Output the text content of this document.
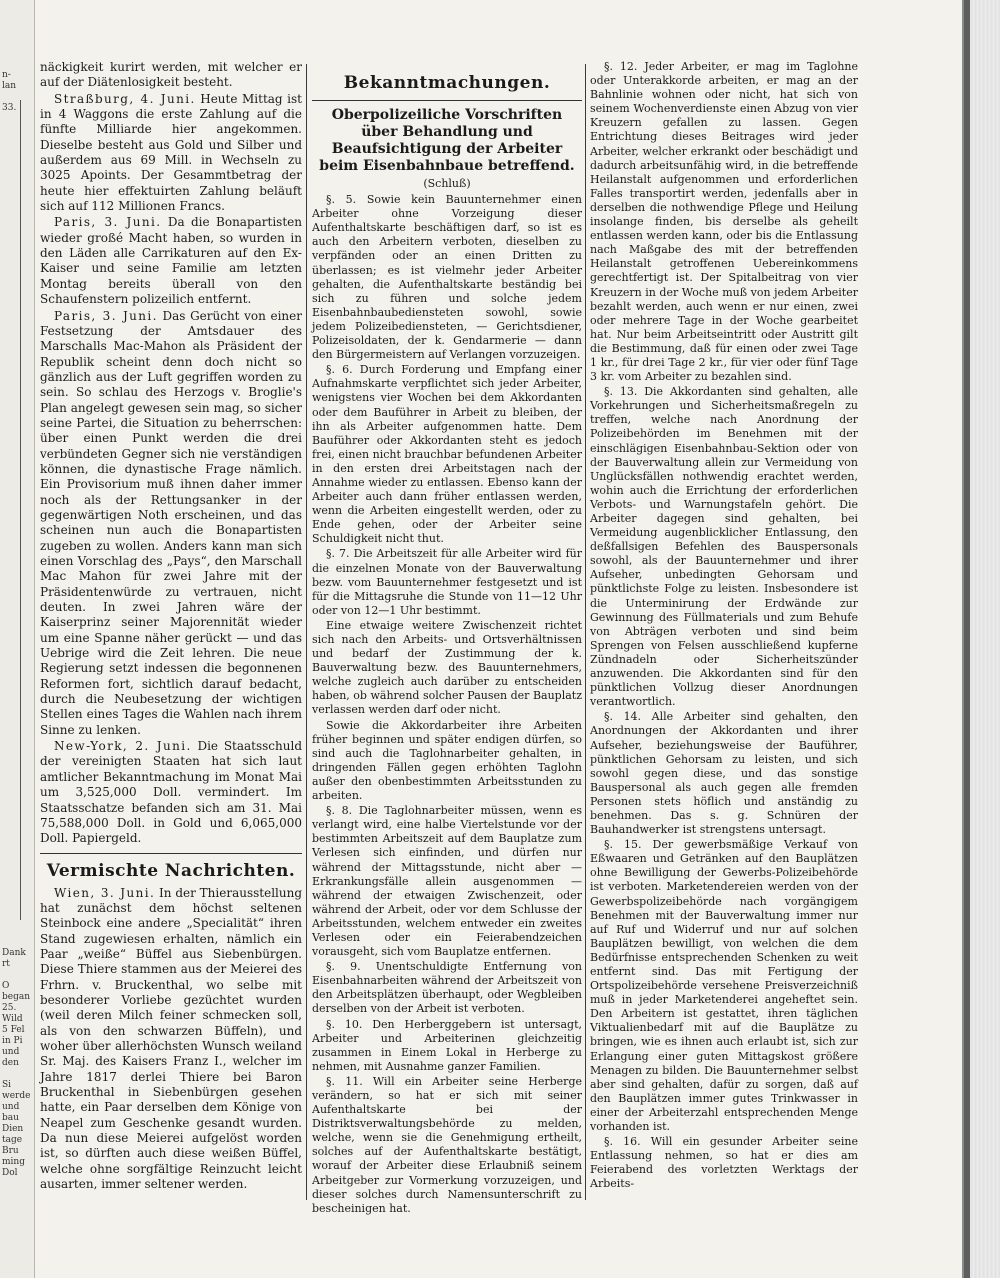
n-
lan

33.
Dank
rt

O
began
25.
Wild
5 Fel
in Pi
und
den

Si
werde
und
bau
Dien
tage
Bru
ming
Dol

näckigkeit kurirt werden, mit welcher er auf der Diätenlosigkeit besteht.

Straßburg, 4. Juni. Heute Mittag ist in 4 Waggons die erste Zahlung auf die fünfte Milliarde hier angekommen. Dieselbe besteht aus Gold und Silber und außerdem aus 69 Mill. in Wechseln zu 3025 Apoints. Der Gesammtbetrag der heute hier effektuirten Zahlung beläuft sich auf 112 Millionen Francs.

Paris, 3. Juni. Da die Bonapartisten wieder großé Macht haben, so wurden in den Läden alle Carrikaturen auf den Ex-Kaiser und seine Familie am letzten Montag bereits überall von den Schaufenstern polizeilich entfernt.

Paris, 3. Juni. Das Gerücht von einer Festsetzung der Amtsdauer des Marschalls Mac-Mahon als Präsident der Republik scheint denn doch nicht so gänzlich aus der Luft gegriffen worden zu sein. So schlau des Herzogs v. Broglie's Plan angelegt gewesen sein mag, so sicher seine Partei, die Situation zu beherrschen: über einen Punkt werden die drei verbündeten Gegner sich nie verständigen können, die dynastische Frage nämlich. Ein Provisorium muß ihnen daher immer noch als der Rettungsanker in der gegenwärtigen Noth erscheinen, und das scheinen nun auch die Bonapartisten zugeben zu wollen. Anders kann man sich einen Vorschlag des „Pays“, den Marschall Mac Mahon für zwei Jahre mit der Präsidentenwürde zu vertrauen, nicht deuten. In zwei Jahren wäre der Kaiserprinz seiner Majorennität wieder um eine Spanne näher gerückt — und das Uebrige wird die Zeit lehren. Die neue Regierung setzt indessen die begonnenen Reformen fort, sichtlich darauf bedacht, durch die Neubesetzung der wichtigen Stellen eines Tages die Wahlen nach ihrem Sinne zu lenken.

New-York, 2. Juni. Die Staatsschuld der vereinigten Staaten hat sich laut amtlicher Bekanntmachung im Monat Mai um 3,525,000 Doll. vermindert. Im Staatsschatze befanden sich am 31. Mai 75,588,000 Doll. in Gold und 6,065,000 Doll. Papiergeld.

Vermischte Nachrichten.

Wien, 3. Juni. In der Thierausstellung hat zunächst dem höchst seltenen Steinbock eine andere „Specialität“ ihren Stand zugewiesen erhalten, nämlich ein Paar „weiße“ Büffel aus Siebenbürgen. Diese Thiere stammen aus der Meierei des Frhrn. v. Bruckenthal, wo selbe mit besonderer Vorliebe gezüchtet wurden (weil deren Milch feiner schmecken soll, als von den schwarzen Büffeln), und woher über allerhöchsten Wunsch weiland Sr. Maj. des Kaisers Franz I., welcher im Jahre 1817 derlei Thiere bei Baron Bruckenthal in Siebenbürgen gesehen hatte, ein Paar derselben dem Könige von Neapel zum Geschenke gesandt wurden. Da nun diese Meierei aufgelöst worden ist, so dürften auch diese weißen Büffel, welche ohne sorgfältige Reinzucht leicht ausarten, immer seltener werden.

Bekanntmachungen.
Oberpolizeiliche Vorschriften über Behandlung und Beaufsichtigung der Arbeiter beim Eisenbahnbaue betreffend.
(Schluß)

§. 5. Sowie kein Bauunternehmer einen Arbeiter ohne Vorzeigung dieser Aufenthaltskarte beschäftigen darf, so ist es auch den Arbeitern verboten, dieselben zu verpfänden oder an einen Dritten zu überlassen; es ist vielmehr jeder Arbeiter gehalten, die Aufenthaltskarte beständig bei sich zu führen und solche jedem Eisenbahnbaubediensteten sowohl, sowie jedem Polizeibediensteten, — Gerichtsdiener, Polizeisoldaten, der k. Gendarmerie — dann den Bürgermeistern auf Verlangen vorzuzeigen.

§. 6. Durch Forderung und Empfang einer Aufnahmskarte verpflichtet sich jeder Arbeiter, wenigstens vier Wochen bei dem Akkordanten oder dem Bauführer in Arbeit zu bleiben, der ihn als Arbeiter aufgenommen hatte. Dem Bauführer oder Akkordanten steht es jedoch frei, einen nicht brauchbar befundenen Arbeiter in den ersten drei Arbeitstagen nach der Annahme wieder zu entlassen. Ebenso kann der Arbeiter auch dann früher entlassen werden, wenn die Arbeiten eingestellt werden, oder zu Ende gehen, oder der Arbeiter seine Schuldigkeit nicht thut.

§. 7. Die Arbeitszeit für alle Arbeiter wird für die einzelnen Monate von der Bauverwaltung bezw. vom Bauunternehmer festgesetzt und ist für die Mittagsruhe die Stunde von 11—12 Uhr oder von 12—1 Uhr bestimmt.

Eine etwaige weitere Zwischenzeit richtet sich nach den Arbeits- und Ortsverhältnissen und bedarf der Zustimmung der k. Bauverwaltung bezw. des Bauunternehmers, welche zugleich auch darüber zu entscheiden haben, ob während solcher Pausen der Bauplatz verlassen werden darf oder nicht.

Sowie die Akkordarbeiter ihre Arbeiten früher beginnen und später endigen dürfen, so sind auch die Taglohnarbeiter gehalten, in dringenden Fällen gegen erhöhten Taglohn außer den obenbestimmten Arbeitsstunden zu arbeiten.

§. 8. Die Taglohnarbeiter müssen, wenn es verlangt wird, eine halbe Viertelstunde vor der bestimmten Arbeitszeit auf dem Bauplatze zum Verlesen sich einfinden, und dürfen nur während der Mittagsstunde, nicht aber — Erkrankungsfälle allein ausgenommen — während der etwaigen Zwischenzeit, oder während der Arbeit, oder vor dem Schlusse der Arbeitsstunden, welchem entweder ein zweites Verlesen oder ein Feierabendzeichen vorausgeht, sich vom Bauplatze entfernen.

§. 9. Unentschuldigte Entfernung von Eisenbahnarbeiten während der Arbeitszeit von den Arbeitsplätzen überhaupt, oder Wegbleiben derselben von der Arbeit ist verboten.

§. 10. Den Herberggebern ist untersagt, Arbeiter und Arbeiterinen gleichzeitig zusammen in Einem Lokal in Herberge zu nehmen, mit Ausnahme ganzer Familien.

§. 11. Will ein Arbeiter seine Herberge verändern, so hat er sich mit seiner Aufenthaltskarte bei der Distriktsverwaltungsbehörde zu melden, welche, wenn sie die Genehmigung ertheilt, solches auf der Aufenthaltskarte bestätigt, worauf der Arbeiter diese Erlaubniß seinem Arbeitgeber zur Vormerkung vorzuzeigen, und dieser solches durch Namensunterschrift zu bescheinigen hat.

§. 12. Jeder Arbeiter, er mag im Taglohne oder Unterakkorde arbeiten, er mag an der Bahnlinie wohnen oder nicht, hat sich von seinem Wochenverdienste einen Abzug von vier Kreuzern gefallen zu lassen. Gegen Entrichtung dieses Beitrages wird jeder Arbeiter, welcher erkrankt oder beschädigt und dadurch arbeitsunfähig wird, in die betreffende Heilanstalt aufgenommen und erforderlichen Falles transportirt werden, jedenfalls aber in derselben die nothwendige Pflege und Heilung insolange finden, bis derselbe als geheilt entlassen werden kann, oder bis die Entlassung nach Maßgabe des mit der betreffenden Heilanstalt getroffenen Uebereinkommens gerechtfertigt ist. Der Spitalbeitrag von vier Kreuzern in der Woche muß von jedem Arbeiter bezahlt werden, auch wenn er nur einen, zwei oder mehrere Tage in der Woche gearbeitet hat. Nur beim Arbeitseintritt oder Austritt gilt die Bestimmung, daß für einen oder zwei Tage 1 kr., für drei Tage 2 kr., für vier oder fünf Tage 3 kr. vom Arbeiter zu bezahlen sind.

§. 13. Die Akkordanten sind gehalten, alle Vorkehrungen und Sicherheitsmaßregeln zu treffen, welche nach Anordnung der Polizeibehörden im Benehmen mit der einschlägigen Eisenbahnbau-Sektion oder von der Bauverwaltung allein zur Vermeidung von Unglücksfällen nothwendig erachtet werden, wohin auch die Errichtung der erforderlichen Verbots- und Warnungstafeln gehört. Die Arbeiter dagegen sind gehalten, bei Vermeidung augenblicklicher Entlassung, den deßfallsigen Befehlen des Bauspersonals sowohl, als der Bauunternehmer und ihrer Aufseher, unbedingten Gehorsam und pünktlichste Folge zu leisten. Insbesondere ist die Unterminirung der Erdwände zur Gewinnung des Füllmaterials und zum Behufe von Abträgen verboten und sind beim Sprengen von Felsen ausschließend kupferne Zündnadeln oder Sicherheitszünder anzuwenden. Die Akkordanten sind für den pünktlichen Vollzug dieser Anordnungen verantwortlich.

§. 14. Alle Arbeiter sind gehalten, den Anordnungen der Akkordanten und ihrer Aufseher, beziehungsweise der Bauführer, pünktlichen Gehorsam zu leisten, und sich sowohl gegen diese, und das sonstige Bauspersonal als auch gegen alle fremden Personen stets höflich und anständig zu benehmen. Das s. g. Schnüren der Bauhandwerker ist strengstens untersagt.

§. 15. Der gewerbsmäßige Verkauf von Eßwaaren und Getränken auf den Bauplätzen ohne Bewilligung der Gewerbs-Polizeibehörde ist verboten. Marketendereien werden von der Gewerbspolizeibehörde nach vorgängigem Benehmen mit der Bauverwaltung immer nur auf Ruf und Widerruf und nur auf solchen Bauplätzen bewilligt, von welchen die dem Bedürfnisse entsprechenden Schenken zu weit entfernt sind. Das mit Fertigung der Ortspolizeibehörde versehene Preisverzeichniß muß in jeder Marketenderei angeheftet sein. Den Arbeitern ist gestattet, ihren täglichen Viktualienbedarf mit auf die Bauplätze zu bringen, wie es ihnen auch erlaubt ist, sich zur Erlangung einer guten Mittagskost größere Menagen zu bilden. Die Bauunternehmer selbst aber sind gehalten, dafür zu sorgen, daß auf den Bauplätzen immer gutes Trinkwasser in einer der Arbeiterzahl entsprechenden Menge vorhanden ist.

§. 16. Will ein gesunder Arbeiter seine Entlassung nehmen, so hat er dies am Feierabend des vorletzten Werktags der Arbeits-
